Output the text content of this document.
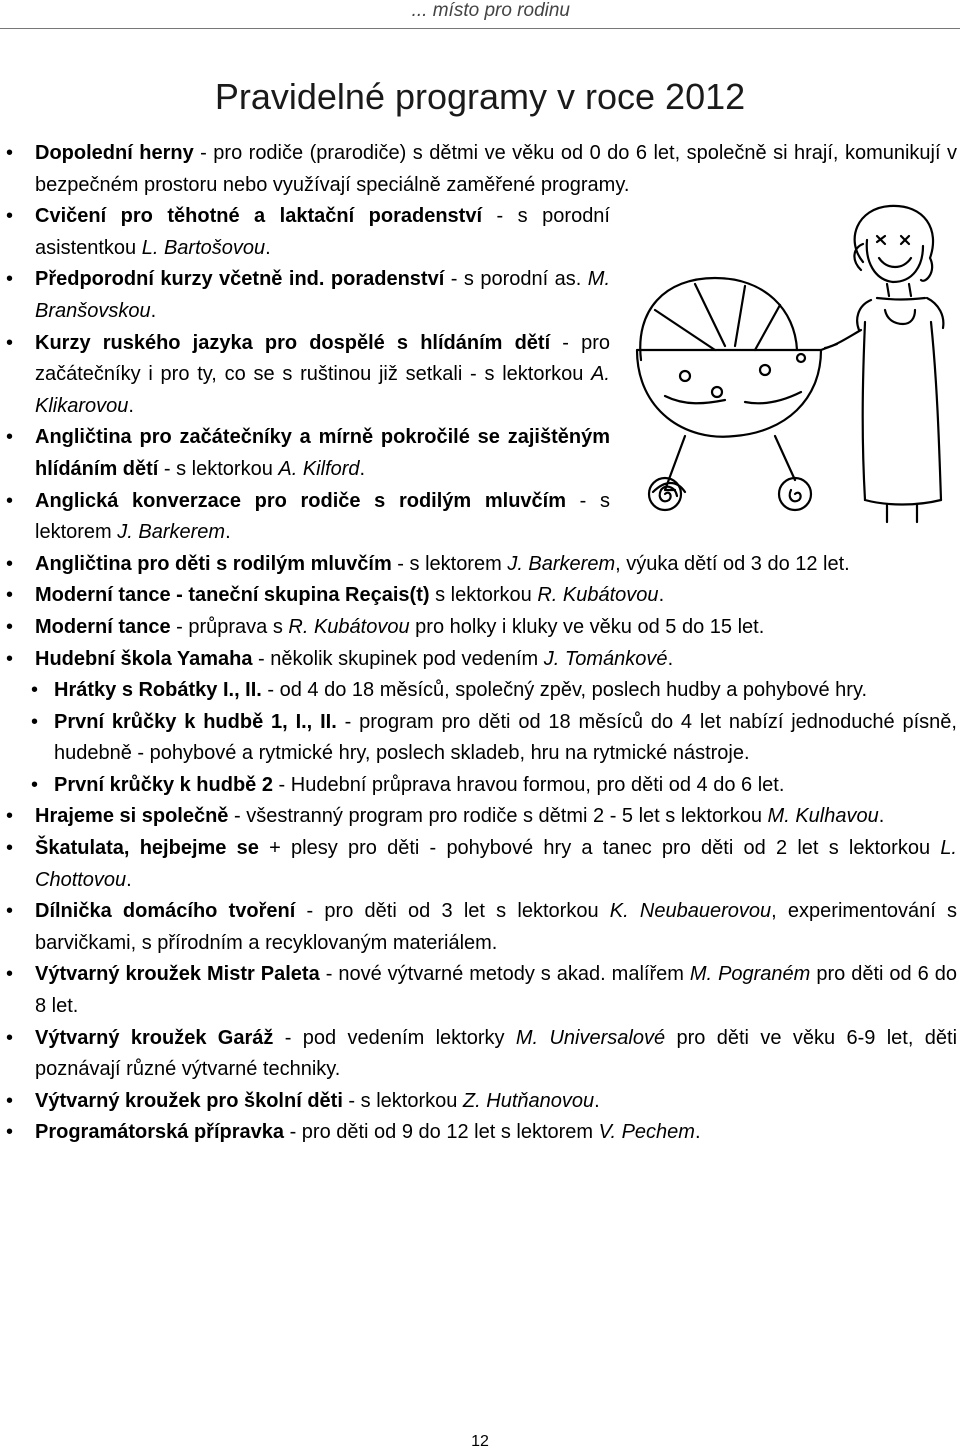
... místo pro rodinu
Pravidelné programy v roce 2012
• Dopolední herny - pro rodiče (prarodiče) s dětmi ve věku od 0 do 6 let, společně si hrají, komunikují v bezpečném prostoru nebo využívají speciálně zaměřené programy.
• Cvičení pro těhotné a laktační poradenství - s porodní asistentkou L. Bartošovou.
• Předporodní kurzy včetně ind. poradenství - s porodní as. M. Branšovskou.
• Kurzy ruského jazyka pro dospělé s hlídáním dětí - pro začátečníky i pro ty, co se s ruštinou již setkali - s lektorkou A. Klikarovou.
• Angličtina pro začátečníky a mírně pokročilé se zajištěným hlídáním dětí - s lektorkou A. Kilford.
• Anglická konverzace pro rodiče s rodilým mluvčím - s lektorem J. Barkerem.
• Angličtina pro děti s rodilým mluvčím - s lektorem J. Barkerem, výuka dětí od 3 do 12 let.
• Moderní tance - taneční skupina Reçais(t) s lektorkou R. Kubátovou.
• Moderní tance - průprava s R. Kubátovou pro holky i kluky ve věku od 5 do 15 let.
• Hudební škola Yamaha - několik skupinek pod vedením J. Tománkové.
• Hrátky s Robátky I., II. - od 4 do 18 měsíců, společný zpěv, poslech hudby a pohybové hry.
• První krůčky k hudbě 1, I., II. - program pro děti od 18 měsíců do 4 let nabízí jednoduché písně, hudebně - pohybové a rytmické hry, poslech skladeb, hru na rytmické nástroje.
• První krůčky k hudbě 2 - Hudební průprava hravou formou, pro děti od 4 do 6 let.
• Hrajeme si společně - všestranný program pro rodiče s dětmi 2 - 5 let s lektorkou M. Kulhavou.
• Škatulata, hejbejme se + plesy pro děti - pohybové hry a tanec pro děti od 2 let s lektorkou L. Chottovou.
• Dílnička domácího tvoření - pro děti od 3 let s lektorkou K. Neubauerovou, experimentování s barvičkami, s přírodním a recyklovaným materiálem.
• Výtvarný kroužek Mistr Paleta - nové výtvarné metody s akad. malířem M. Pograném pro děti od 6 do 8 let.
• Výtvarný kroužek Garáž - pod vedením lektorky M. Universalové pro děti ve věku 6-9 let, děti poznávají různé výtvarné techniky.
• Výtvarný kroužek pro školní děti - s lektorkou Z. Hutňanovou.
• Programátorská přípravka - pro děti od 9 do 12 let s lektorem V. Pechem.
12
